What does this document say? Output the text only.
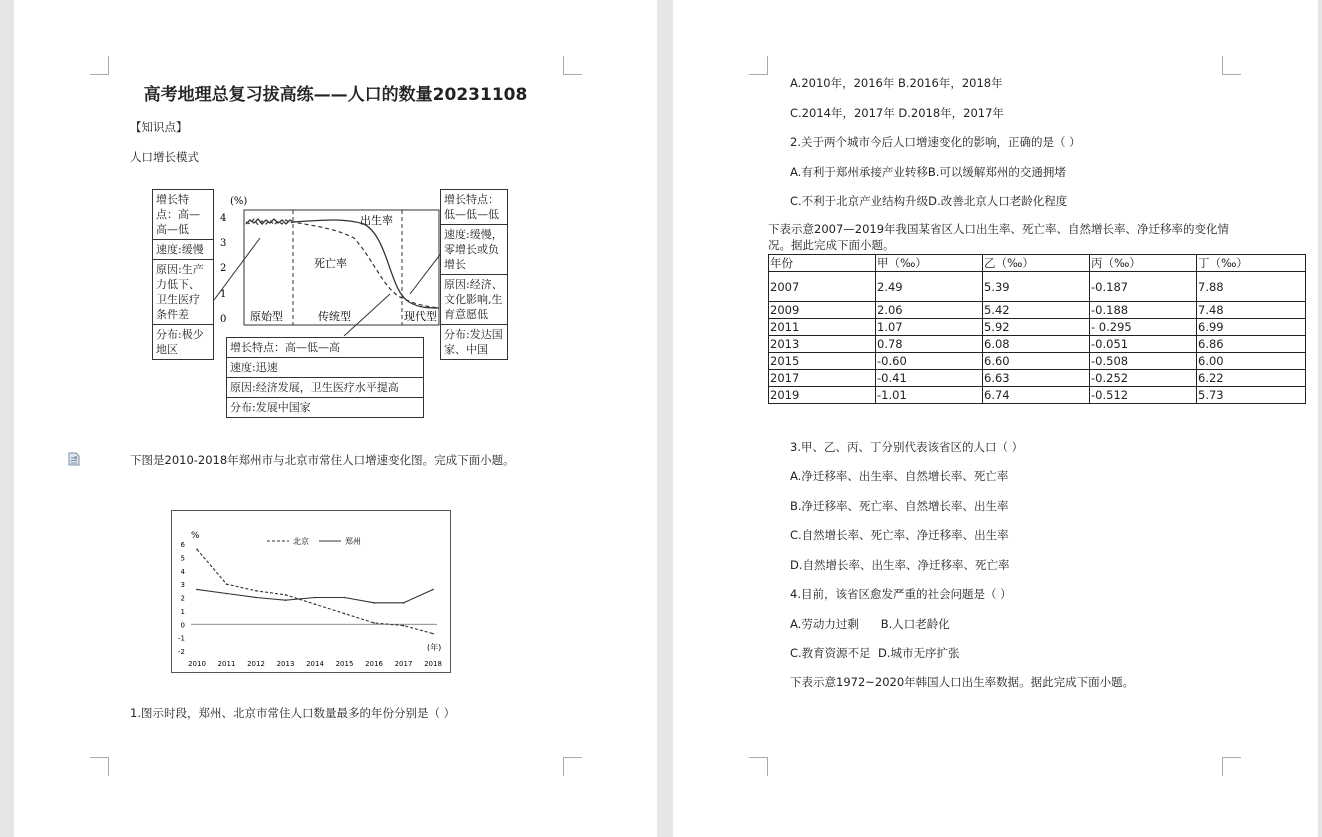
高考地理总复习拔高练——人口的数量20231108
【知识点】
人口增长模式
增长特点：高—高—低
速度:缓慢
原因:生产力低下、卫生医疗条件差
分布:极少地区
增长特点：低—低—低
速度:缓慢，零增长或负增长
原因:经济、文化影响,生育意愿低
分布:发达国家、中国
增长特点：高—低—高
速度:迅速
原因:经济发展，卫生医疗水平提高
分布:发展中国家
(%)
4
3
2
1
0
出生率
死亡率
原始型	传统型	现代型
▾	下图是2010-2018年郑州市与北京市常住人口增速变化图。完成下面小题。
%
6
5
4
3
2
1
0
-1
-2
2010 2011 2012 2013 2014 2015 2016 2017 2018
(年)
北京	郑州
1.图示时段，郑州、北京市常住人口数量最多的年份分别是（ ）
A.2010年，2016年 B.2016年，2018年
C.2014年，2017年 D.2018年，2017年
2.关于两个城市今后人口增速变化的影响，正确的是（ ）
A.有利于郑州承接产业转移B.可以缓解郑州的交通拥堵
C.不利于北京产业结构升级D.改善北京人口老龄化程度
下表示意2007—2019年我国某省区人口出生率、死亡率、自然增长率、净迁移率的变化情
况。据此完成下面小题。
年份	甲（‰）	乙（‰）	丙（‰）	丁（‰）
2007	2.49	5.39	-0.187	7.88
2009	2.06	5.42	-0.188	7.48
2011	1.07	5.92	- 0.295	6.99
2013	0.78	6.08	-0.051	6.86
2015	-0.60	6.60	-0.508	6.00
2017	-0.41	6.63	-0.252	6.22
2019	-1.01	6.74	-0.512	5.73
3.甲、乙、丙、丁分别代表该省区的人口（ ）
A.净迁移率、出生率、自然增长率、死亡率
B.净迁移率、死亡率、自然增长率、出生率
C.自然增长率、死亡率、净迁移率、出生率
D.自然增长率、出生率、净迁移率、死亡率
4.目前，该省区愈发严重的社会问题是（ ）
A.劳动力过剩      B.人口老龄化
C.教育资源不足  D.城市无序扩张
下表示意1972~2020年韩国人口出生率数据。据此完成下面小题。
